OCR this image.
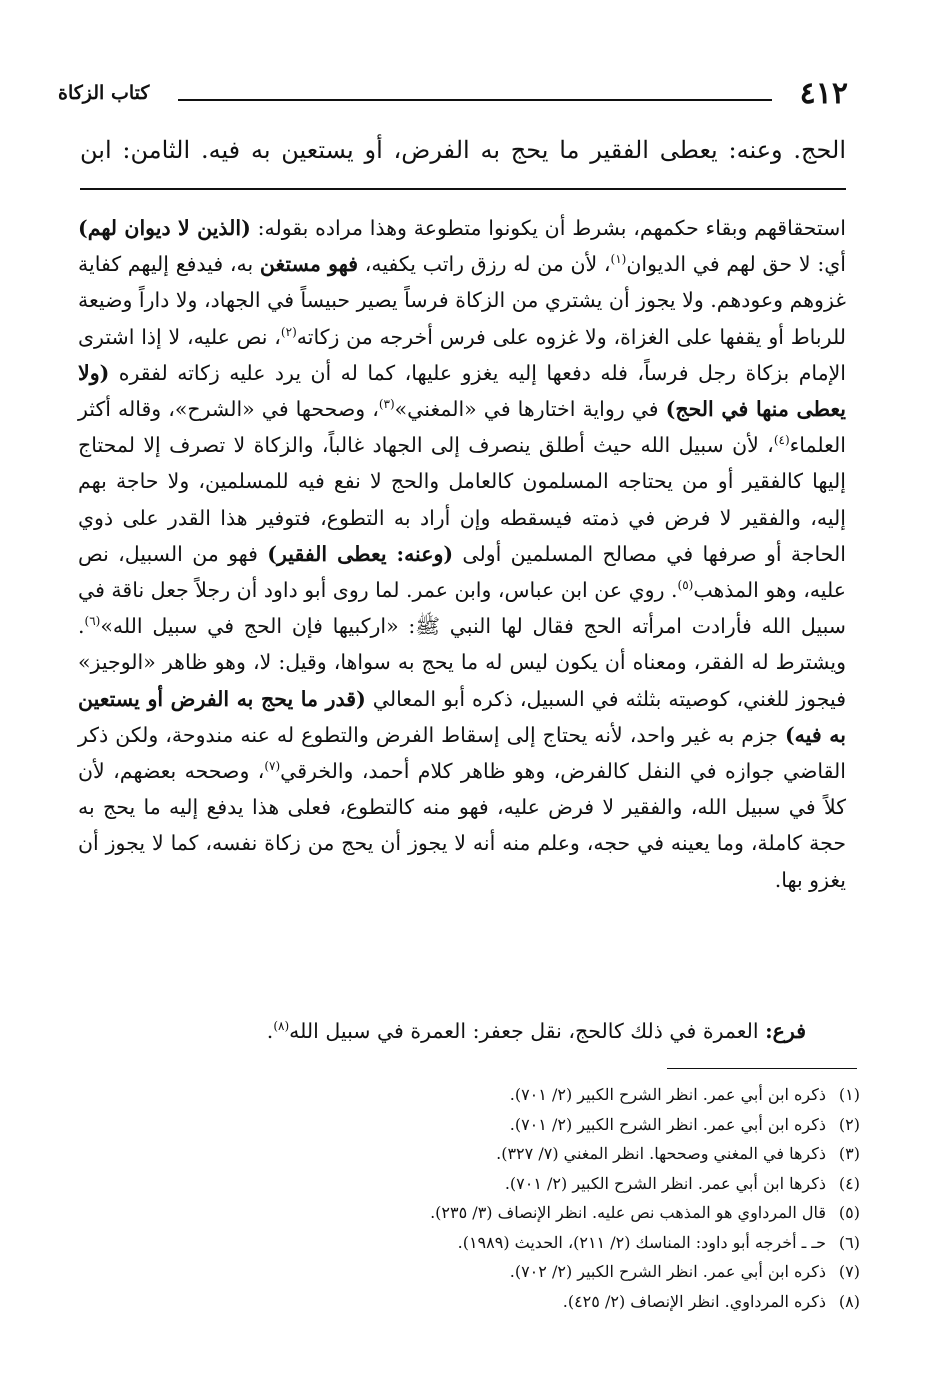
٤١٢
كتاب الزكاة
الحج. وعنه: يعطى الفقير ما يحج به الفرض، أو يستعين به فيه. الثامن: ابن

استحقاقهم وبقاء حكمهم، بشرط أن يكونوا متطوعة وهذا مراده بقوله: (الذين لا ديوان لهم) أي: لا حق لهم في الديوان$^{(١)}$، لأن من له رزق راتب يكفيه، فهو مستغن به، فيدفع إليهم كفاية غزوهم وعودهم. ولا يجوز أن يشتري من الزكاة فرساً يصير حبيساً في الجهاد، ولا داراً وضيعة للرباط أو يقفها على الغزاة، ولا غزوه على فرس أخرجه من زكاته$^{(٢)}$، نص عليه، لا إذا اشترى الإمام بزكاة رجل فرساً، فله دفعها إليه يغزو عليها، كما له أن يرد عليه زكاته لفقره (ولا يعطى منها في الحج) في رواية اختارها في «المغني»$^{(٣)}$، وصححها في «الشرح»، وقاله أكثر العلماء$^{(٤)}$، لأن سبيل الله حيث أطلق ينصرف إلى الجهاد غالباً، والزكاة لا تصرف إلا لمحتاج إليها كالفقير أو من يحتاجه المسلمون كالعامل والحج لا نفع فيه للمسلمين، ولا حاجة بهم إليه، والفقير لا فرض في ذمته فيسقطه وإن أراد به التطوع، فتوفير هذا القدر على ذوي الحاجة أو صرفها في مصالح المسلمين أولى (وعنه: يعطى الفقير) فهو من السبيل، نص عليه، وهو المذهب$^{(٥)}$. روي عن ابن عباس، وابن عمر. لما روى أبو داود أن رجلاً جعل ناقة في سبيل الله فأرادت امرأته الحج فقال لها النبي ﷺ: «اركبيها فإن الحج في سبيل الله»$^{(٦)}$. ويشترط له الفقر، ومعناه أن يكون ليس له ما يحج به سواها، وقيل: لا، وهو ظاهر «الوجيز» فيجوز للغني، كوصيته بثلثه في السبيل، ذكره أبو المعالي (قدر ما يحج به الفرض أو يستعين به فيه) جزم به غير واحد، لأنه يحتاج إلى إسقاط الفرض والتطوع له عنه مندوحة، ولكن ذكر القاضي جوازه في النفل كالفرض، وهو ظاهر كلام أحمد، والخرقي$^{(٧)}$، وصححه بعضهم، لأن كلاً في سبيل الله، والفقير لا فرض عليه، فهو منه كالتطوع، فعلى هذا يدفع إليه ما يحج به حجة كاملة، وما يعينه في حجه، وعلم منه أنه لا يجوز أن يحج من زكاة نفسه، كما لا يجوز أن يغزو بها.

فرع: العمرة في ذلك كالحج، نقل جعفر: العمرة في سبيل الله$^{(٨)}$.
(١)
ذكره ابن أبي عمر. انظر الشرح الكبير (٢/ ٧٠١).
(٢)
ذكره ابن أبي عمر. انظر الشرح الكبير (٢/ ٧٠١).
(٣)
ذكرها في المغني وصححها. انظر المغني (٧/ ٣٢٧).
(٤)
ذكرها ابن أبي عمر. انظر الشرح الكبير (٢/ ٧٠١).
(٥)
قال المرداوي هو المذهب نص عليه. انظر الإنصاف (٣/ ٢٣٥).
(٦)
حـ ـ أخرجه أبو داود: المناسك (٢/ ٢١١)، الحديث (١٩٨٩).
(٧)
ذكره ابن أبي عمر. انظر الشرح الكبير (٢/ ٧٠٢).
(٨)
ذكره المرداوي. انظر الإنصاف (٢/ ٤٢٥).
